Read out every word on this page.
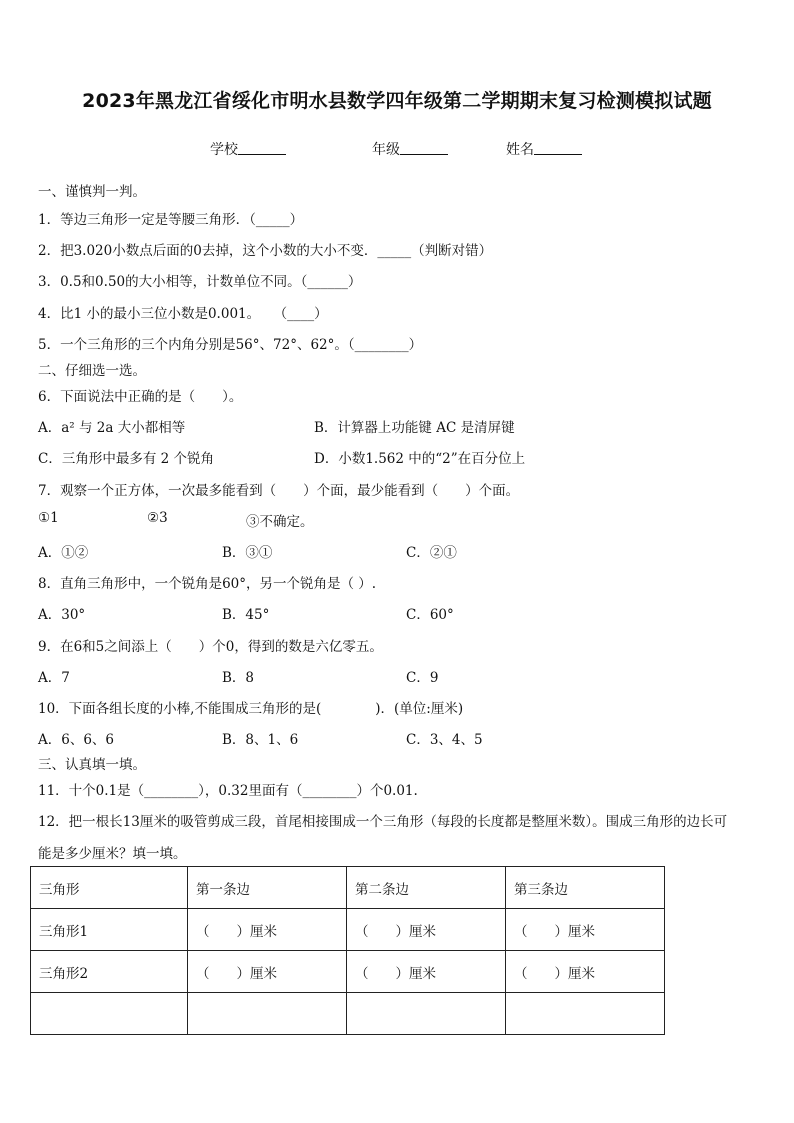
2023年黑龙江省绥化市明水县数学四年级第二学期期末复习检测模拟试题
学校	年级	姓名
一、谨慎判一判。
1．等边三角形一定是等腰三角形．（_____）
2．把3.020小数点后面的0去掉，这个小数的大小不变．_____（判断对错）
3．0.5和0.50的大小相等，计数单位不同。（______）
4．比1 小的最小三位小数是0.001。　　（____）
5．一个三角形的三个内角分别是56°、72°、62°。（________）
二、仔细选一选。
6．下面说法中正确的是（　　）。
A．a² 与 2a 大小都相等	B．计算器上功能键 AC 是清屏键
C．三角形中最多有 2 个锐角	D．小数1.562 中的“2”在百分位上
7．观察一个正方体，一次最多能看到（　　）个面，最少能看到（　　）个面。
①1	②3	③不确定。
A．①②	B．③①	C．②①
8．直角三角形中，一个锐角是60°，另一个锐角是（ ）.
A．30°	B．45°	C．60°
9．在6和5之间添上（　　）个0，得到的数是六亿零五。
A．7	B．8	C．9
10．下面各组长度的小棒,不能围成三角形的是(　　　　)．(单位:厘米)
A．6、6、6	B．8、1、6	C．3、4、5
三、认真填一填。
11．十个0.1是（________），0.32里面有（________）个0.01.
12．把一根长13厘米的吸管剪成三段，首尾相接围成一个三角形（每段的长度都是整厘米数）。围成三角形的边长可
能是多少厘米？填一填。
三角形	第一条边	第二条边	第三条边
三角形1	（　　）厘米	（　　）厘米	（　　）厘米
三角形2	（　　）厘米	（　　）厘米	（　　）厘米
